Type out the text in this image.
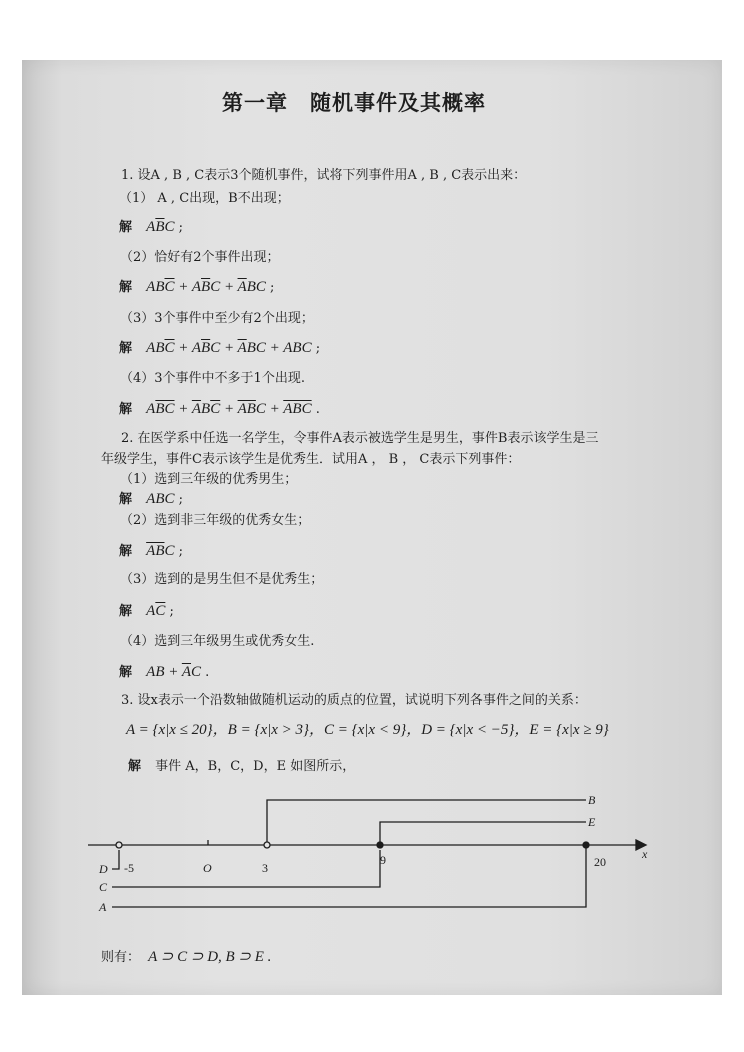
第一章　随机事件及其概率
1. 设A , B , C表示3个随机事件，试将下列事件用A , B , C表示出来：
（1） A , C出现，B不出现；
解 $A\overline{B}C$ ;
（2）恰好有2个事件出现；
解 $AB\overline{C} + A\overline{B}C + \overline{A}BC$ ;
（3）3个事件中至少有2个出现；
解 $AB\overline{C} + A\overline{B}C + \overline{A}BC$ + ABC ;
（4）3个事件中不多于1个出现.
解 $A\overline{BC} + \overline{A}B\overline{C} + \overline{AB}C + \overline{ABC}$ .
2. 在医学系中任选一名学生，令事件A表示被选学生是男生，事件B表示该学生是三
年级学生，事件C表示该学生是优秀生．试用A ， B ， C表示下列事件：
（1）选到三年级的优秀男生；
解 ABC ;
（2）选到非三年级的优秀女生；
解 $\overline{AB}C$ ;
（3）选到的是男生但不是优秀生；
解 $A\overline{C}$ ;
（4）选到三年级男生或优秀女生.
解 AB + $\overline{A}C$ .
3. 设x表示一个沿数轴做随机运动的质点的位置，试说明下列各事件之间的关系：
A = {x|x ≤ 20}，B = {x|x > 3}，C = {x|x < 9}，D = {x|x < −5}，E = {x|x ≥ 9}
解 事件 A，B，C，D，E 如图所示，
B
E
x
-5	O	3
9	20
D
C
A
则有： A ⊃ C ⊃ D, B ⊃ E .
